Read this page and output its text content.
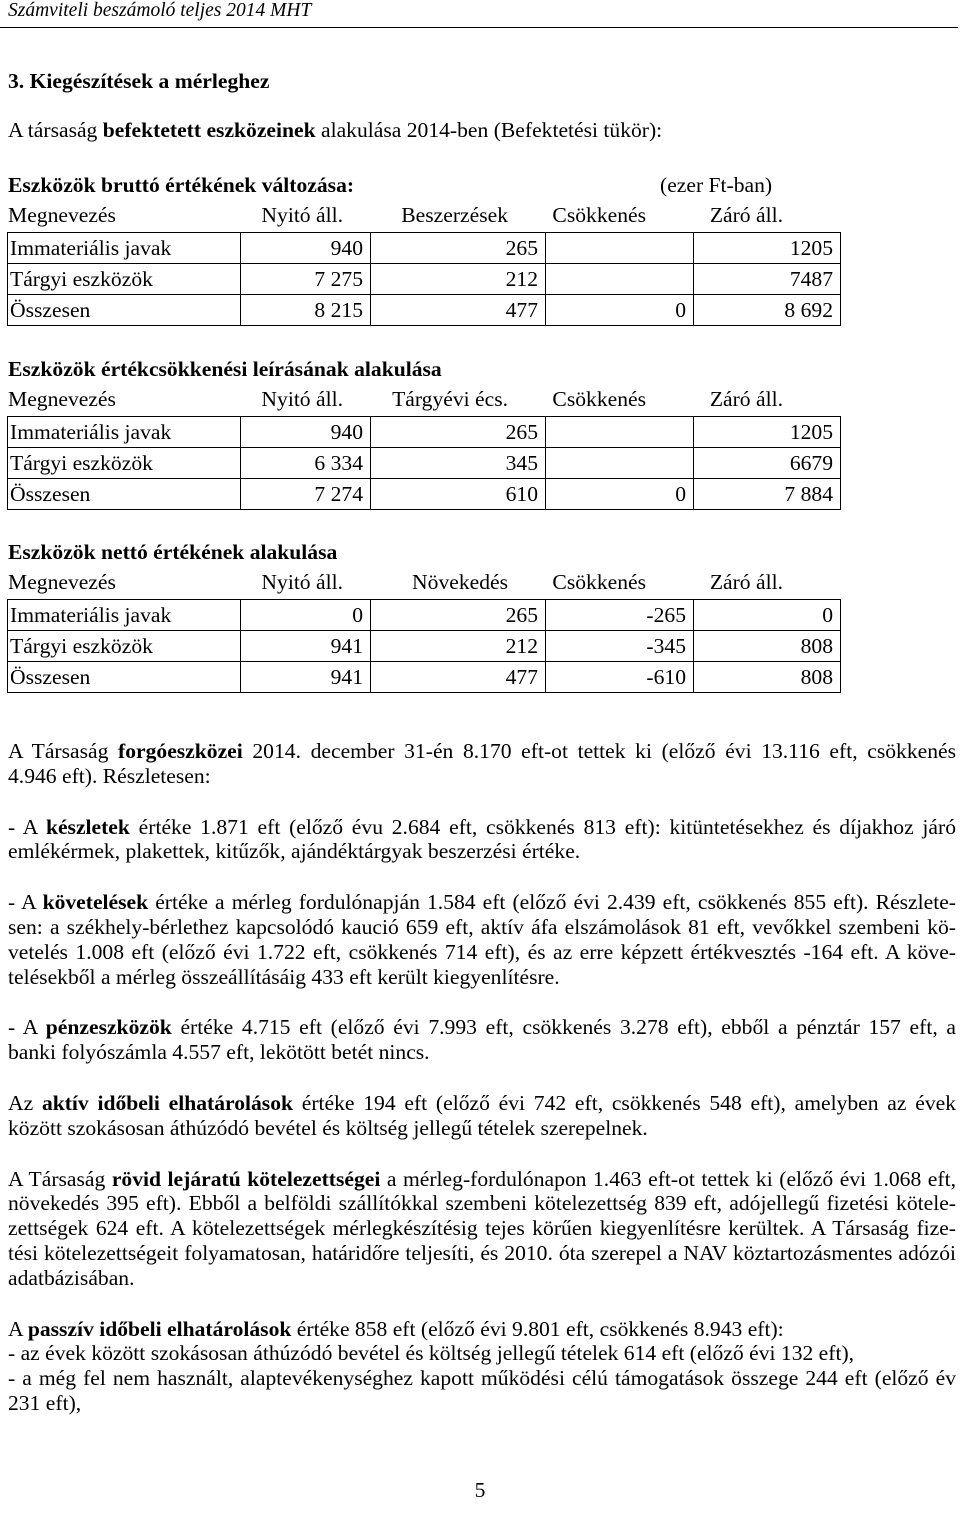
Számviteli beszámoló teljes 2014 MHT
3. Kiegészítések a mérleghez
A társaság befektetett eszközeinek alakulása 2014-ben (Befektetési tükör):
Eszközök bruttó értékének változása:	(ezer Ft-ban)
Megnevezés	Nyitó áll.	Beszerzések	Csökkenés	Záró áll.
Immateriális javak	940	265		1205
Tárgyi eszközök	7 275	212		7487
Összesen	8 215	477	0	8 692
Eszközök értékcsökkenési leírásának alakulása
Megnevezés	Nyitó áll.	Tárgyévi écs.	Csökkenés	Záró áll.
Immateriális javak	940	265		1205
Tárgyi eszközök	6 334	345		6679
Összesen	7 274	610	0	7 884
Eszközök nettó értékének alakulása
Megnevezés	Nyitó áll.	Növekedés	Csökkenés	Záró áll.
Immateriális javak	0	265	-265	0
Tárgyi eszközök	941	212	-345	808
Összesen	941	477	-610	808
A Társaság forgóeszközei 2014. december 31-én 8.170 eft-ot tettek ki (előző évi 13.116 eft, csökkenés
4.946 eft). Részletesen:
- A készletek értéke 1.871 eft (előző évu 2.684 eft, csökkenés 813 eft): kitüntetésekhez és díjakhoz járó
emlékérmek, plakettek, kitűzők, ajándéktárgyak beszerzési értéke.
- A követelések értéke a mérleg fordulónapján 1.584 eft (előző évi 2.439 eft, csökkenés 855 eft). Részlete-
sen: a székhely-bérlethez kapcsolódó kaució 659 eft, aktív áfa elszámolások 81 eft, vevőkkel szembeni kö-
vetelés 1.008 eft (előző évi 1.722 eft, csökkenés 714 eft), és az erre képzett értékvesztés -164 eft. A köve-
telésekből a mérleg összeállításáig 433 eft került kiegyenlítésre.
- A pénzeszközök értéke 4.715 eft (előző évi 7.993 eft, csökkenés 3.278 eft), ebből a pénztár 157 eft, a
banki folyószámla 4.557 eft, lekötött betét nincs.
Az aktív időbeli elhatárolások értéke 194 eft (előző évi 742 eft, csökkenés 548 eft), amelyben az évek
között szokásosan áthúzódó bevétel és költség jellegű tételek szerepelnek.
A Társaság rövid lejáratú kötelezettségei a mérleg-fordulónapon 1.463 eft-ot tettek ki (előző évi 1.068 eft,
növekedés 395 eft). Ebből a belföldi szállítókkal szembeni kötelezettség 839 eft, adójellegű fizetési kötele-
zettségek 624 eft. A kötelezettségek mérlegkészítésig tejes körűen kiegyenlítésre kerültek. A Társaság fize-
tési kötelezettségeit folyamatosan, határidőre teljesíti, és 2010. óta szerepel a NAV köztartozásmentes adózói
adatbázisában.
A passzív időbeli elhatárolások értéke 858 eft (előző évi 9.801 eft, csökkenés 8.943 eft):
- az évek között szokásosan áthúzódó bevétel és költség jellegű tételek 614 eft (előző évi 132 eft),
- a még fel nem használt, alaptevékenységhez kapott működési célú támogatások összege 244 eft (előző év
231 eft),
5
